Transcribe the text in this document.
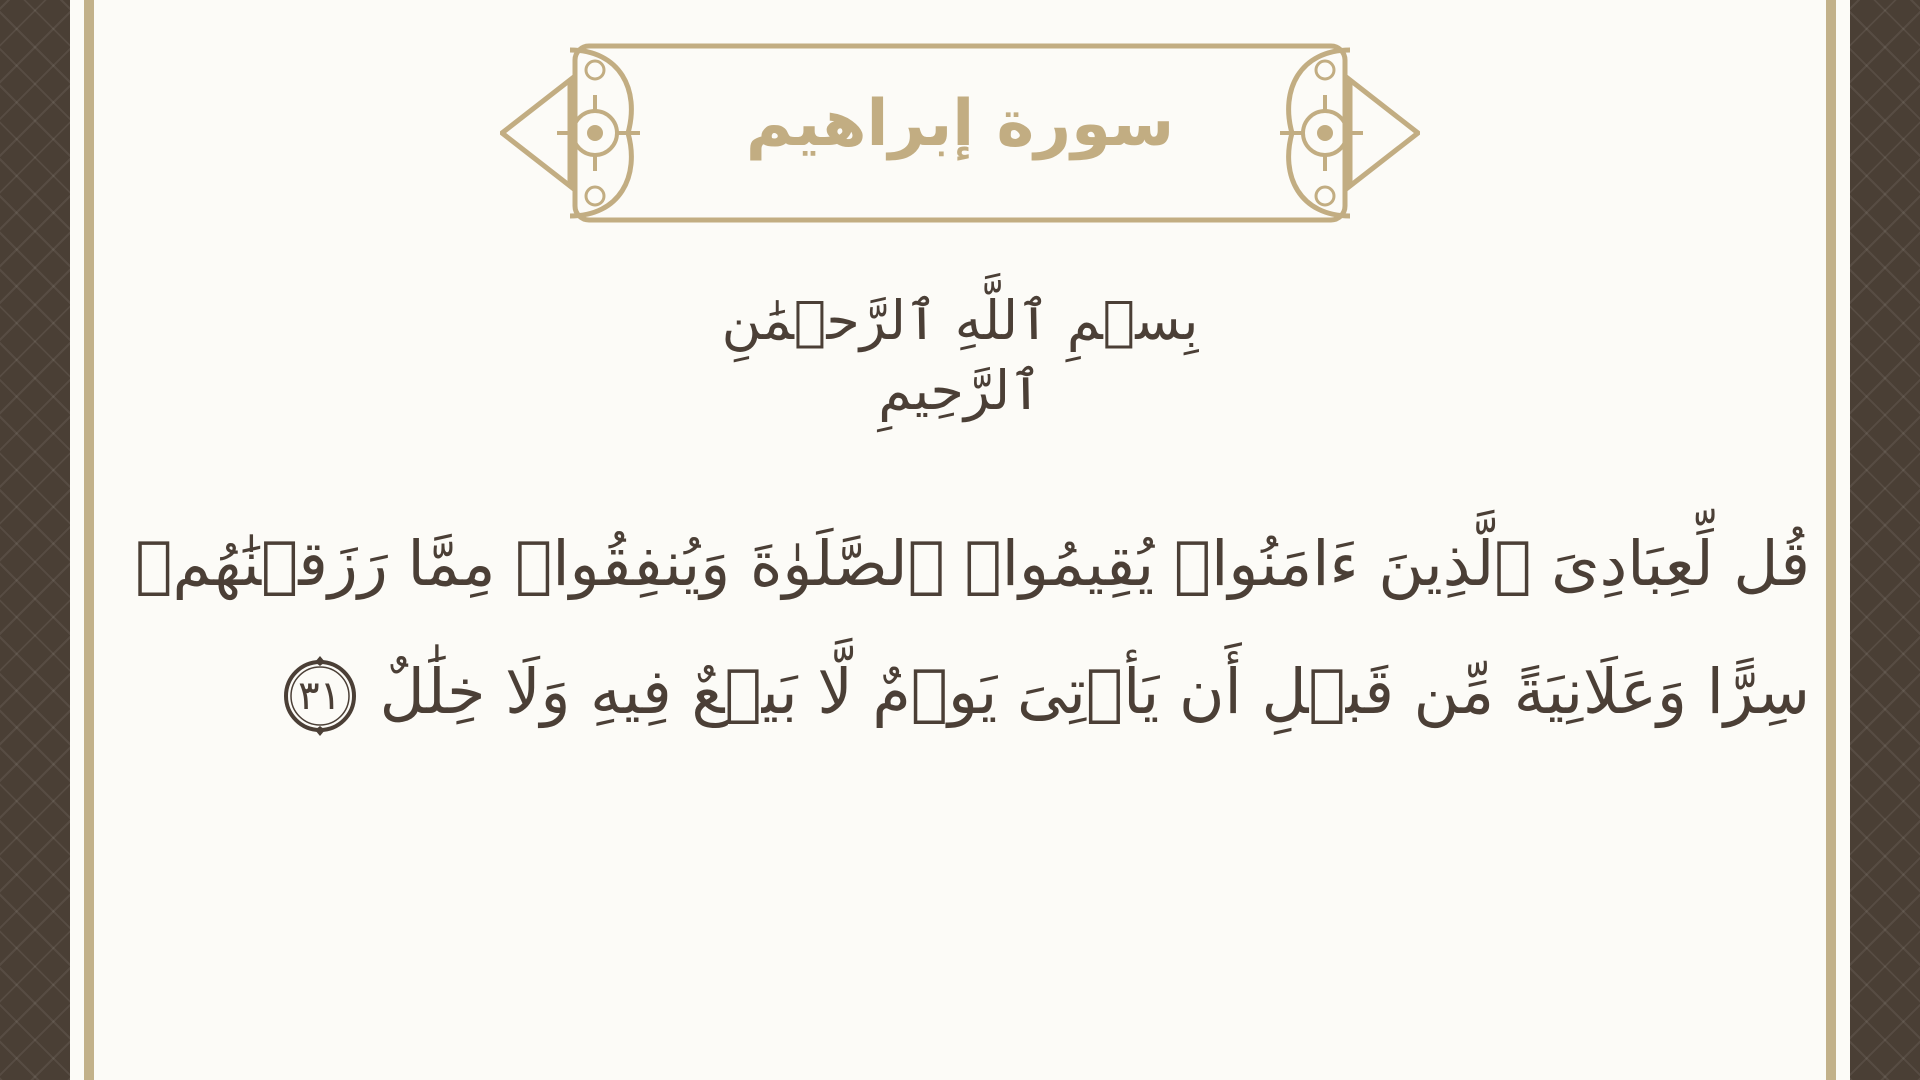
سورة إبراهيم
بِسۡمِ ٱللَّهِ ٱلرَّحۡمَٰنِ ٱلرَّحِيمِ
قُل لِّعِبَادِىَ ٱلَّذِينَ ءَامَنُوا۟ يُقِيمُوا۟ ٱلصَّلَوٰةَ وَيُنفِقُوا۟ مِمَّا رَزَقۡنَٰهُمۡ
سِرًّا وَعَلَانِيَةً مِّن قَبۡلِ أَن يَأۡتِىَ يَوۡمٌ لَّا بَيۡعٌ فِيهِ وَلَا خِلَٰلٌ
٣١
